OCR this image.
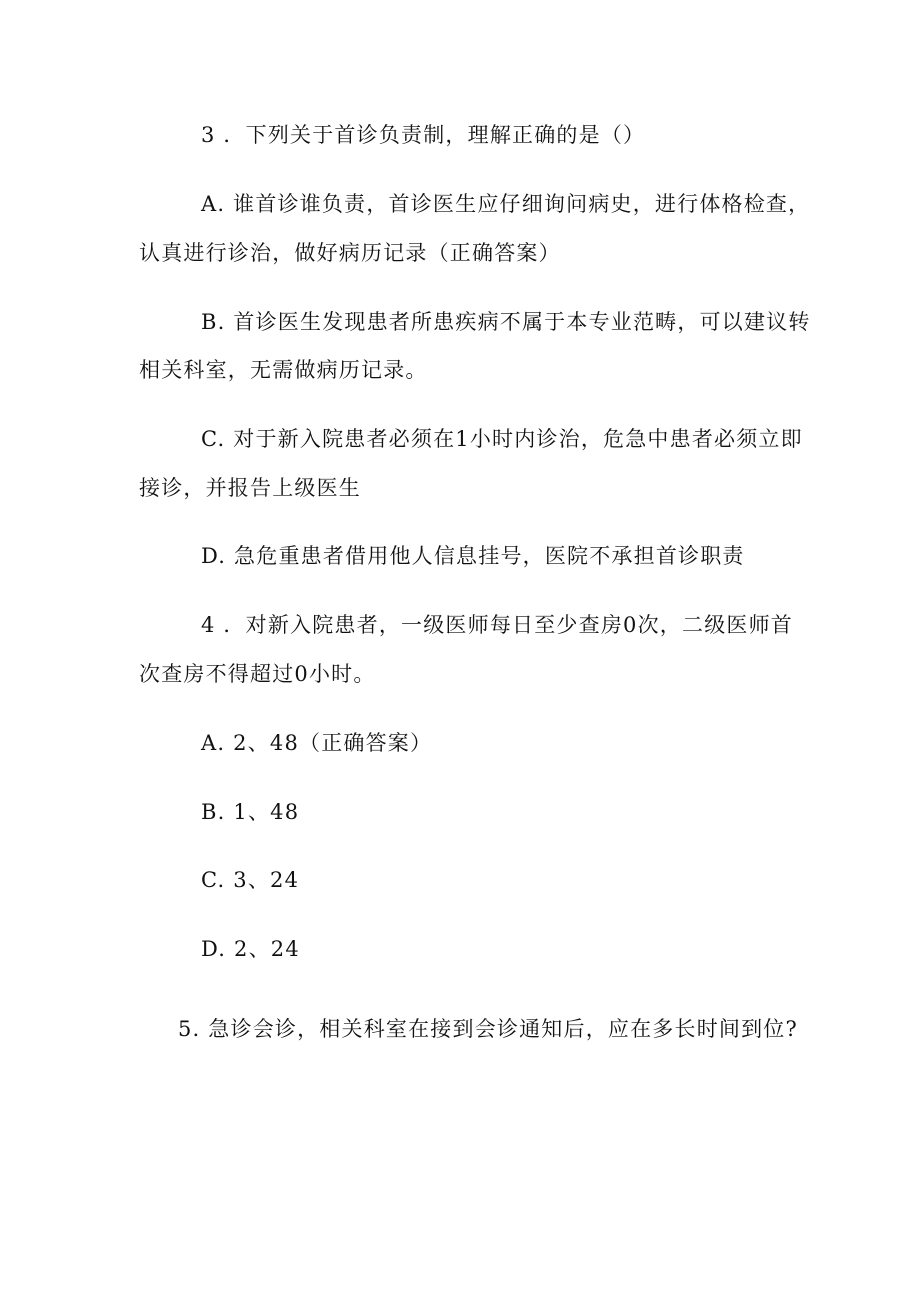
3 ．下列关于首诊负责制，理解正确的是（）
A. 谁首诊谁负责，首诊医生应仔细询问病史，进行体格检查，
认真进行诊治，做好病历记录（正确答案）
B. 首诊医生发现患者所患疾病不属于本专业范畴，可以建议转
相关科室，无需做病历记录。
C. 对于新入院患者必须在1小时内诊治，危急中患者必须立即
接诊，并报告上级医生
D. 急危重患者借用他人信息挂号，医院不承担首诊职责
4 ．对新入院患者，一级医师每日至少查房0次，二级医师首
次查房不得超过0小时。
A. 2、48（正确答案）
B. 1、48
C. 3、24
D. 2、24
5. 急诊会诊，相关科室在接到会诊通知后，应在多长时间到位?
